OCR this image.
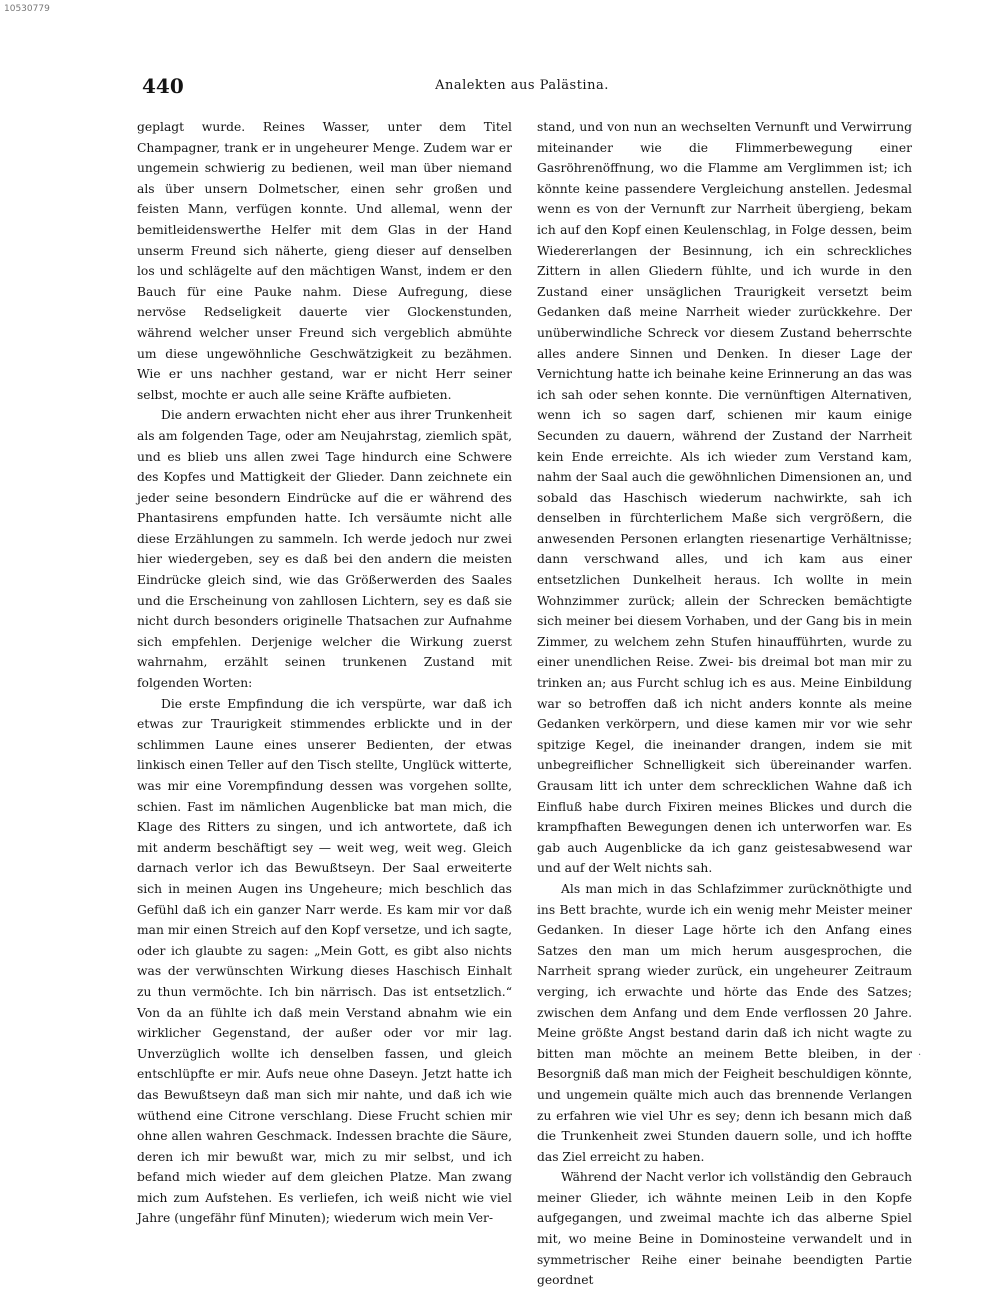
10530779
440	Analekten aus Palästina.

geplagt wurde. Reines Wasser, unter dem Titel Champagner, trank er in ungeheurer Menge. Zudem war er ungemein schwierig zu bedienen, weil man über niemand als über unsern Dolmetscher, einen sehr großen und feisten Mann, verfügen konnte. Und allemal, wenn der bemitleidenswerthe Helfer mit dem Glas in der Hand unserm Freund sich näherte, gieng dieser auf denselben los und schlägelte auf den mächtigen Wanst, indem er den Bauch für eine Pauke nahm. Diese Aufregung, diese nervöse Redseligkeit dauerte vier Glockenstunden, während welcher unser Freund sich vergeblich abmühte um diese ungewöhnliche Geschwätzigkeit zu bezähmen. Wie er uns nachher gestand, war er nicht Herr seiner selbst, mochte er auch alle seine Kräfte aufbieten.

Die andern erwachten nicht eher aus ihrer Trunkenheit als am folgenden Tage, oder am Neujahrstag, ziemlich spät, und es blieb uns allen zwei Tage hindurch eine Schwere des Kopfes und Mattigkeit der Glieder. Dann zeichnete ein jeder seine besondern Eindrücke auf die er während des Phantasirens empfunden hatte. Ich versäumte nicht alle diese Erzählungen zu sammeln. Ich werde jedoch nur zwei hier wiedergeben, sey es daß bei den andern die meisten Eindrücke gleich sind, wie das Größerwerden des Saales und die Erscheinung von zahllosen Lichtern, sey es daß sie nicht durch besonders originelle Thatsachen zur Aufnahme sich empfehlen. Derjenige welcher die Wirkung zuerst wahrnahm, erzählt seinen trunkenen Zustand mit folgenden Worten:

Die erste Empfindung die ich verspürte, war daß ich etwas zur Traurigkeit stimmendes erblickte und in der schlimmen Laune eines unserer Bedienten, der etwas linkisch einen Teller auf den Tisch stellte, Unglück witterte, was mir eine Vorempfindung dessen was vorgehen sollte, schien. Fast im nämlichen Augenblicke bat man mich, die Klage des Ritters zu singen, und ich antwortete, daß ich mit anderm beschäftigt sey — weit weg, weit weg. Gleich darnach verlor ich das Bewußtseyn. Der Saal erweiterte sich in meinen Augen ins Ungeheure; mich beschlich das Gefühl daß ich ein ganzer Narr werde. Es kam mir vor daß man mir einen Streich auf den Kopf versetze, und ich sagte, oder ich glaubte zu sagen: „Mein Gott, es gibt also nichts was der verwünschten Wirkung dieses Haschisch Einhalt zu thun vermöchte. Ich bin närrisch. Das ist entsetzlich.“ Von da an fühlte ich daß mein Verstand abnahm wie ein wirklicher Gegenstand, der außer oder vor mir lag. Unverzüglich wollte ich denselben fassen, und gleich entschlüpfte er mir. Aufs neue ohne Daseyn. Jetzt hatte ich das Bewußtseyn daß man sich mir nahte, und daß ich wie wüthend eine Citrone verschlang. Diese Frucht schien mir ohne allen wahren Geschmack. Indessen brachte die Säure, deren ich mir bewußt war, mich zu mir selbst, und ich befand mich wieder auf dem gleichen Platze. Man zwang mich zum Aufstehen. Es verliefen, ich weiß nicht wie viel Jahre (ungefähr fünf Minuten); wiederum wich mein Ver-

stand, und von nun an wechselten Vernunft und Verwirrung miteinander wie die Flimmerbewegung einer Gasröhrenöffnung, wo die Flamme am Verglimmen ist; ich könnte keine passendere Vergleichung anstellen. Jedesmal wenn es von der Vernunft zur Narrheit übergieng, bekam ich auf den Kopf einen Keulenschlag, in Folge dessen, beim Wiedererlangen der Besinnung, ich ein schreckliches Zittern in allen Gliedern fühlte, und ich wurde in den Zustand einer unsäglichen Traurigkeit versetzt beim Gedanken daß meine Narrheit wieder zurückkehre. Der unüberwindliche Schreck vor diesem Zustand beherrschte alles andere Sinnen und Denken. In dieser Lage der Vernichtung hatte ich beinahe keine Erinnerung an das was ich sah oder sehen konnte. Die vernünftigen Alternativen, wenn ich so sagen darf, schienen mir kaum einige Secunden zu dauern, während der Zustand der Narrheit kein Ende erreichte. Als ich wieder zum Verstand kam, nahm der Saal auch die gewöhnlichen Dimensionen an, und sobald das Haschisch wiederum nachwirkte, sah ich denselben in fürchterlichem Maße sich vergrößern, die anwesenden Personen erlangten riesenartige Verhältnisse; dann verschwand alles, und ich kam aus einer entsetzlichen Dunkelheit heraus. Ich wollte in mein Wohnzimmer zurück; allein der Schrecken bemächtigte sich meiner bei diesem Vorhaben, und der Gang bis in mein Zimmer, zu welchem zehn Stufen hinaufführten, wurde zu einer unendlichen Reise. Zwei- bis dreimal bot man mir zu trinken an; aus Furcht schlug ich es aus. Meine Einbildung war so betroffen daß ich nicht anders konnte als meine Gedanken verkörpern, und diese kamen mir vor wie sehr spitzige Kegel, die ineinander drangen, indem sie mit unbegreiflicher Schnelligkeit sich übereinander warfen. Grausam litt ich unter dem schrecklichen Wahne daß ich Einfluß habe durch Fixiren meines Blickes und durch die krampfhaften Bewegungen denen ich unterworfen war. Es gab auch Augenblicke da ich ganz geistesabwesend war und auf der Welt nichts sah.

Als man mich in das Schlafzimmer zurücknöthigte und ins Bett brachte, wurde ich ein wenig mehr Meister meiner Gedanken. In dieser Lage hörte ich den Anfang eines Satzes den man um mich herum ausgesprochen, die Narrheit sprang wieder zurück, ein ungeheurer Zeitraum verging, ich erwachte und hörte das Ende des Satzes; zwischen dem Anfang und dem Ende verflossen 20 Jahre. Meine größte Angst bestand darin daß ich nicht wagte zu bitten man möchte an meinem Bette bleiben, in der Besorgniß daß man mich der Feigheit beschuldigen könnte, und ungemein quälte mich auch das brennende Verlangen zu erfahren wie viel Uhr es sey; denn ich besann mich daß die Trunkenheit zwei Stunden dauern solle, und ich hoffte das Ziel erreicht zu haben.

Während der Nacht verlor ich vollständig den Gebrauch meiner Glieder, ich wähnte meinen Leib in den Kopfe aufgegangen, und zweimal machte ich das alberne Spiel mit, wo meine Beine in Dominosteine verwandelt und in symmetrischer Reihe einer beinahe beendigten Partie geordnet

·
